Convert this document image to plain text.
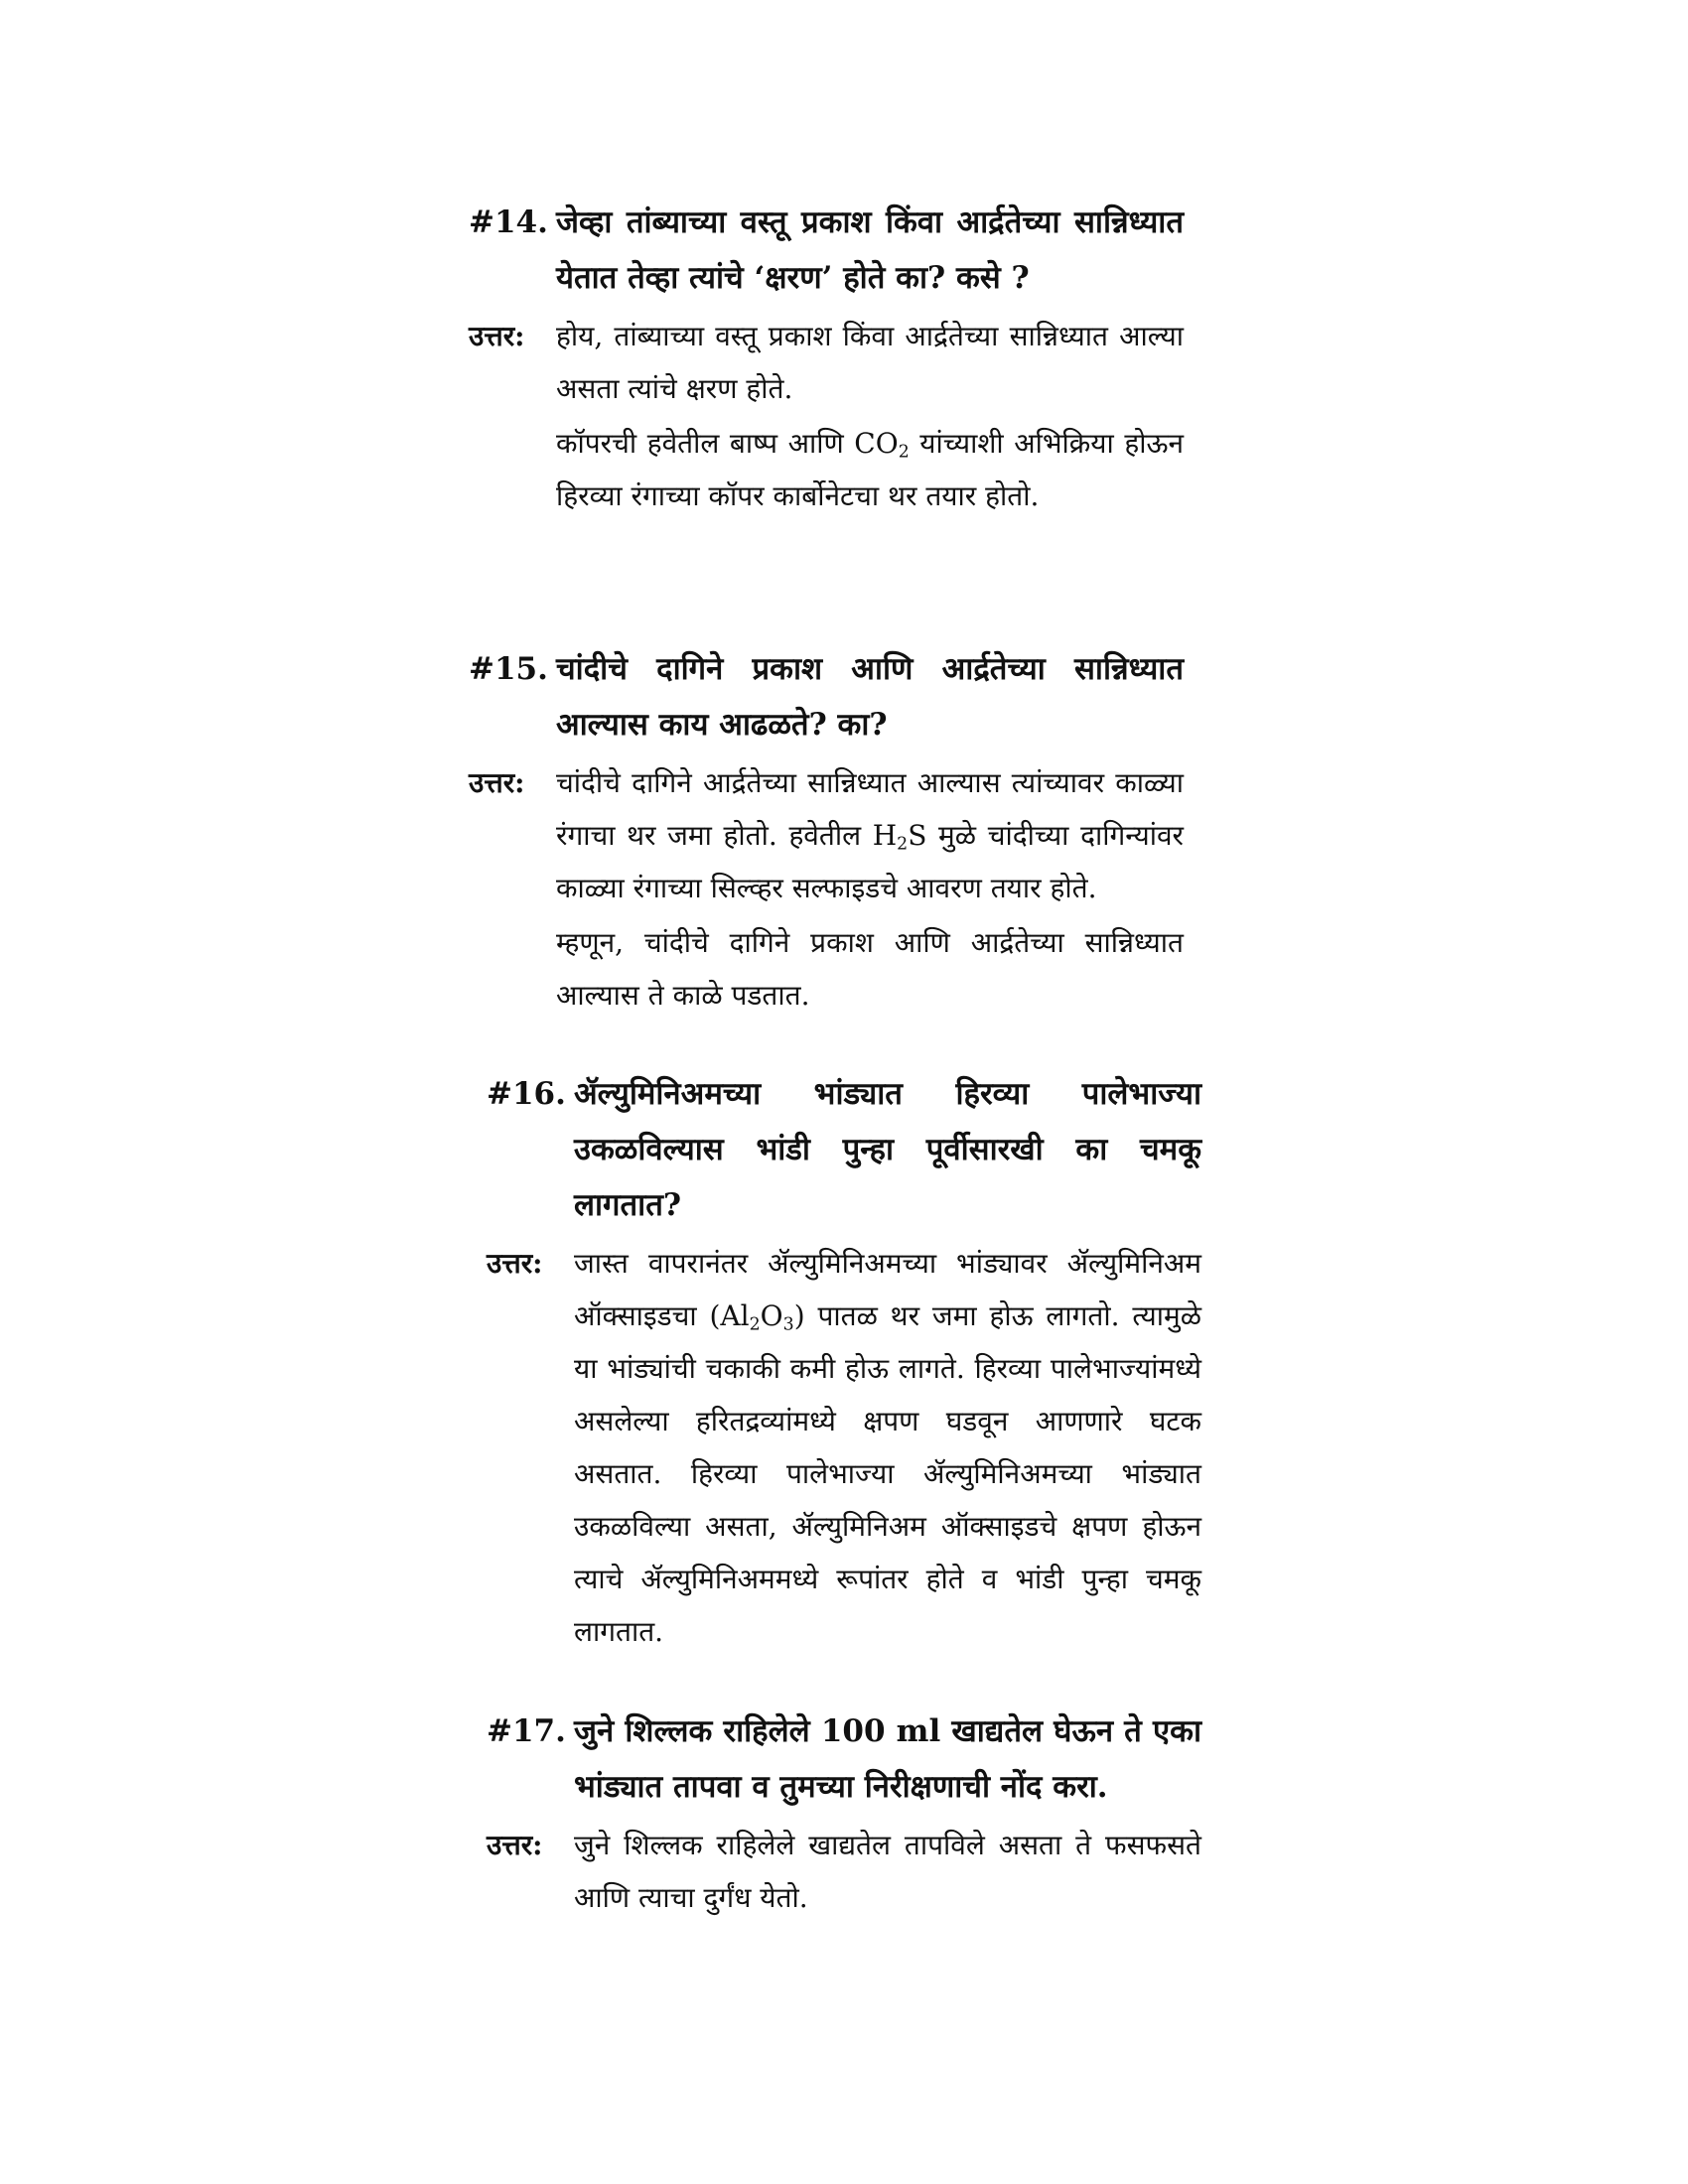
#14. जेव्हा तांब्याच्या वस्तू प्रकाश किंवा आर्द्रतेच्या सान्निध्यात येतात तेव्हा त्यांचे ‘क्षरण’ होते का? कसे ?
उत्तर: होय, तांब्याच्या वस्तू प्रकाश किंवा आर्द्रतेच्या सान्निध्यात आल्या असता त्यांचे क्षरण होते.
कॉपरची हवेतील बाष्प आणि $CO_2$ यांच्याशी अभिक्रिया होऊन हिरव्या रंगाच्या कॉपर कार्बोनेटचा थर तयार होतो.
#15. चांदीचे दागिने प्रकाश आणि आर्द्रतेच्या सान्निध्यात आल्यास काय आढळते? का?
उत्तर: चांदीचे दागिने आर्द्रतेच्या सान्निध्यात आल्यास त्यांच्यावर काळ्या रंगाचा थर जमा होतो. हवेतील $H_2S$ मुळे चांदीच्या दागिन्यांवर काळ्या रंगाच्या सिल्व्हर सल्फाइडचे आवरण तयार होते.
म्हणून, चांदीचे दागिने प्रकाश आणि आर्द्रतेच्या सान्निध्यात आल्यास ते काळे पडतात.
#16. ॲल्युमिनिअमच्या भांड्यात हिरव्या पालेभाज्या उकळविल्यास भांडी पुन्हा पूर्वीसारखी का चमकू लागतात?
उत्तर: जास्त वापरानंतर ॲल्युमिनिअमच्या भांड्यावर ॲल्युमिनिअम ऑक्साइडचा $(Al_2O_3)$ पातळ थर जमा होऊ लागतो. त्यामुळे या भांड्यांची चकाकी कमी होऊ लागते. हिरव्या पालेभाज्यांमध्ये असलेल्या हरितद्रव्यांमध्ये क्षपण घडवून आणणारे घटक असतात. हिरव्या पालेभाज्या ॲल्युमिनिअमच्या भांड्यात उकळविल्या असता, ॲल्युमिनिअम ऑक्साइडचे क्षपण होऊन त्याचे ॲल्युमिनिअममध्ये रूपांतर होते व भांडी पुन्हा चमकू लागतात.
#17. जुने शिल्लक राहिलेले 100 ml खाद्यतेल घेऊन ते एका भांड्यात तापवा व तुमच्या निरीक्षणाची नोंद करा.
उत्तर: जुने शिल्लक राहिलेले खाद्यतेल तापविले असता ते फसफसते आणि त्याचा दुर्गंध येतो.
